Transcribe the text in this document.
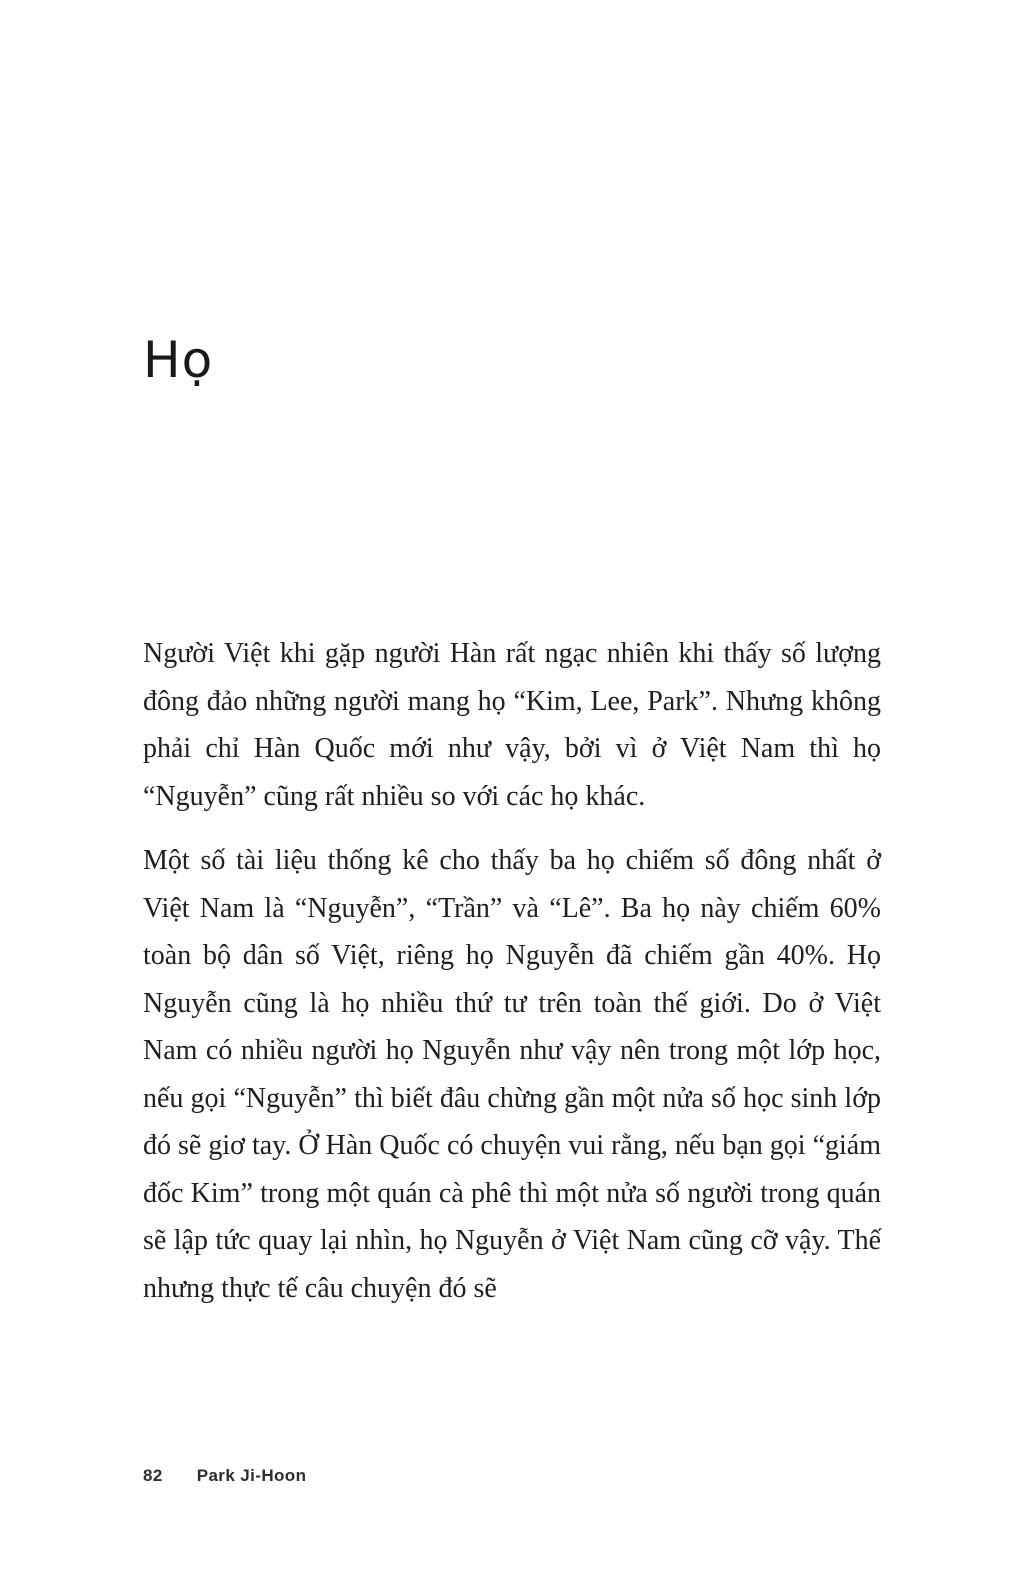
Họ

Người Việt khi gặp người Hàn rất ngạc nhiên khi thấy số lượng đông đảo những người mang họ “Kim, Lee, Park”. Nhưng không phải chỉ Hàn Quốc mới như vậy, bởi vì ở Việt Nam thì họ “Nguyễn” cũng rất nhiều so với các họ khác.

Một số tài liệu thống kê cho thấy ba họ chiếm số đông nhất ở Việt Nam là “Nguyễn”, “Trần” và “Lê”. Ba họ này chiếm 60% toàn bộ dân số Việt, riêng họ Nguyễn đã chiếm gần 40%. Họ Nguyễn cũng là họ nhiều thứ tư trên toàn thế giới. Do ở Việt Nam có nhiều người họ Nguyễn như vậy nên trong một lớp học, nếu gọi “Nguyễn” thì biết đâu chừng gần một nửa số học sinh lớp đó sẽ giơ tay. Ở Hàn Quốc có chuyện vui rằng, nếu bạn gọi “giám đốc Kim” trong một quán cà phê thì một nửa số người trong quán sẽ lập tức quay lại nhìn, họ Nguyễn ở Việt Nam cũng cỡ vậy. Thế nhưng thực tế câu chuyện đó sẽ

82 Park Ji-Hoon
